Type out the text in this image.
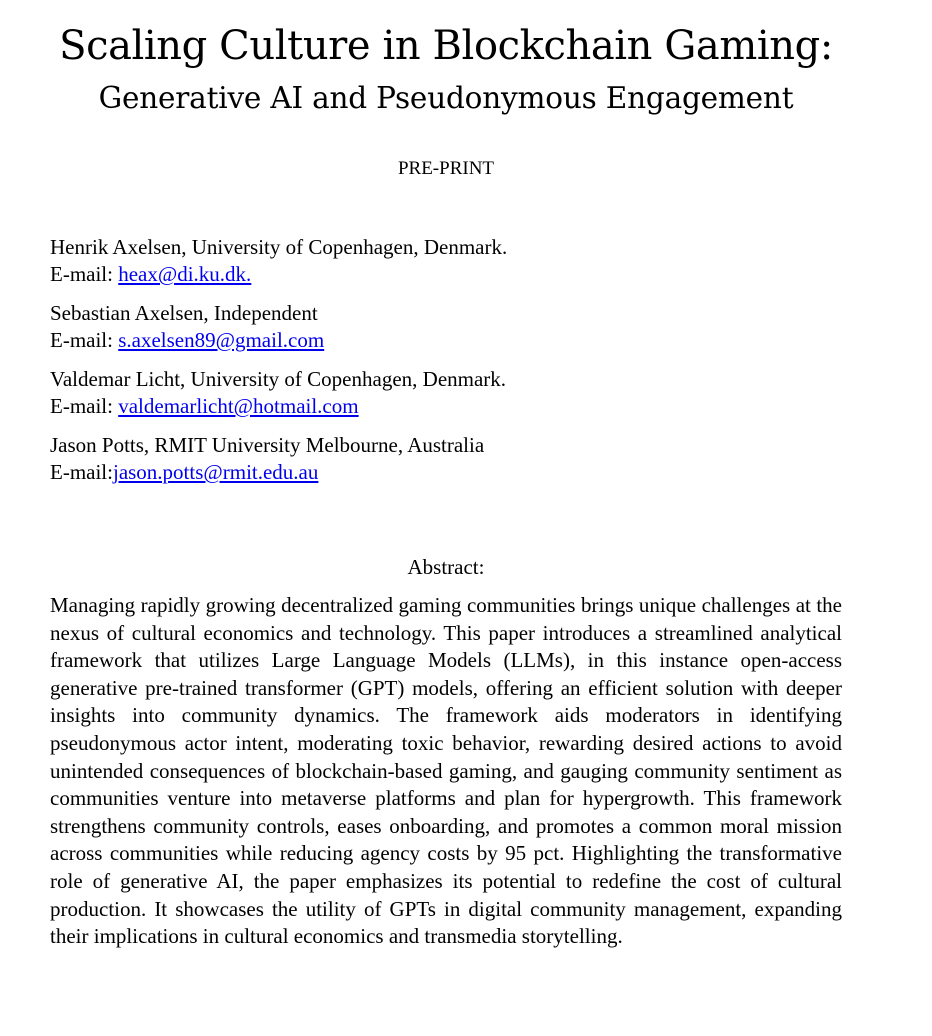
Scaling Culture in Blockchain Gaming:
Generative AI and Pseudonymous Engagement
PRE-PRINT
Henrik Axelsen, University of Copenhagen, Denmark.
E-mail: heax@di.ku.dk.
Sebastian Axelsen, Independent
E-mail: s.axelsen89@gmail.com
Valdemar Licht, University of Copenhagen, Denmark.
E-mail: valdemarlicht@hotmail.com
Jason Potts, RMIT University Melbourne, Australia
E-mail:jason.potts@rmit.edu.au
Abstract:

Managing rapidly growing decentralized gaming communities brings unique challenges at the nexus of cultural economics and technology. This paper introduces a streamlined analytical framework that utilizes Large Language Models (LLMs), in this instance open-access generative pre-trained transformer (GPT) models, offering an efficient solution with deeper insights into community dynamics. The framework aids moderators in identifying pseudonymous actor intent, moderating toxic behavior, rewarding desired actions to avoid unintended consequences of blockchain-based gaming, and gauging community sentiment as communities venture into metaverse platforms and plan for hypergrowth. This framework strengthens community controls, eases onboarding, and promotes a common moral mission across communities while reducing agency costs by 95 pct. Highlighting the transformative role of generative AI, the paper emphasizes its potential to redefine the cost of cultural production. It showcases the utility of GPTs in digital community management, expanding their implications in cultural economics and transmedia storytelling.
